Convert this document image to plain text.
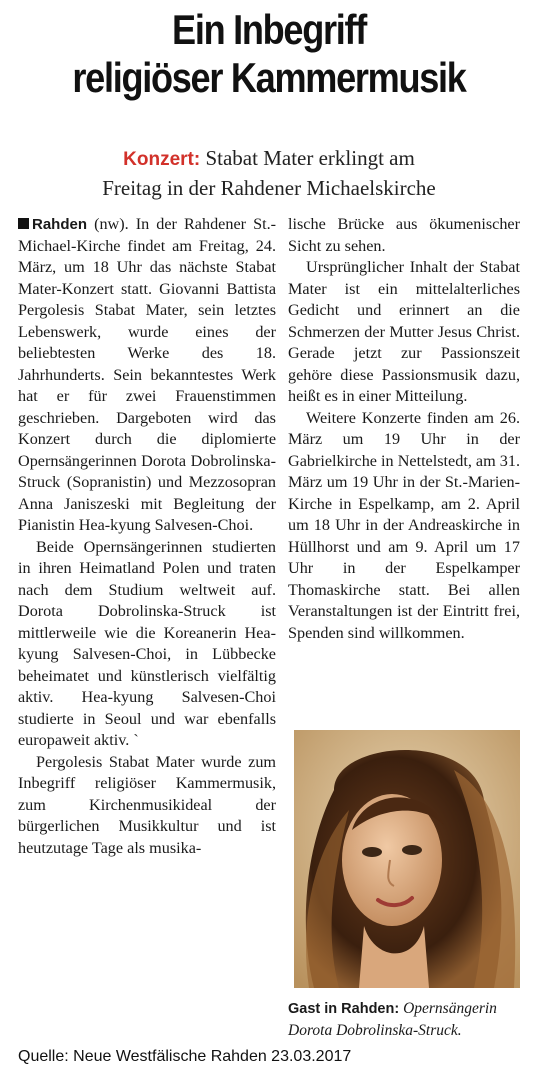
Ein Inbegriff
religiöser Kammermusik
Konzert: Stabat Mater erklingt am
Freitag in der Rahdener Michaelskirche

Rahden (nw). In der Rahdener St.-Michael-Kirche findet am Freitag, 24. März, um 18 Uhr das nächste Stabat Mater-Konzert statt. Giovanni Battista Pergolesis Stabat Mater, sein letztes Lebenswerk, wurde eines der beliebtesten Werke des 18. Jahrhunderts. Sein bekanntestes Werk hat er für zwei Frauenstimmen geschrieben. Dargeboten wird das Konzert durch die diplomierte Opernsängerinnen Dorota Dobrolinska-Struck (Sopranistin) und Mezzosopran Anna Janiszeski mit Begleitung der Pianistin Hea-kyung Salvesen-Choi.

Beide Opernsängerinnen studierten in ihren Heimatland Polen und traten nach dem Studium weltweit auf. Dorota Dobrolinska-Struck ist mittlerweile wie die Koreanerin Hea-kyung Salvesen-Choi, in Lübbecke beheimatet und künstlerisch vielfältig aktiv. Hea-kyung Salvesen-Choi studierte in Seoul und war ebenfalls europaweit aktiv. `

Pergolesis Stabat Mater wurde zum Inbegriff religiöser Kammermusik, zum Kirchenmusikideal der bürgerlichen Musikkultur und ist heutzutage Tage als musika-

lische Brücke aus ökumenischer Sicht zu sehen.

Ursprünglicher Inhalt der Stabat Mater ist ein mittelalterliches Gedicht und erinnert an die Schmerzen der Mutter Jesus Christ. Gerade jetzt zur Passionszeit gehöre diese Passionsmusik dazu, heißt es in einer Mitteilung.

Weitere Konzerte finden am 26. März um 19 Uhr in der Gabrielkirche in Nettelstedt, am 31. März um 19 Uhr in der St.-Marien-Kirche in Espelkamp, am 2. April um 18 Uhr in der Andreaskirche in Hüllhorst und am 9. April um 17 Uhr in der Espelkamper Thomaskirche statt. Bei allen Veranstaltungen ist der Eintritt frei, Spenden sind willkommen.

Gast in Rahden: Opernsängerin Dorota Dobrolinska-Struck.
Quelle: Neue Westfälische Rahden 23.03.2017
